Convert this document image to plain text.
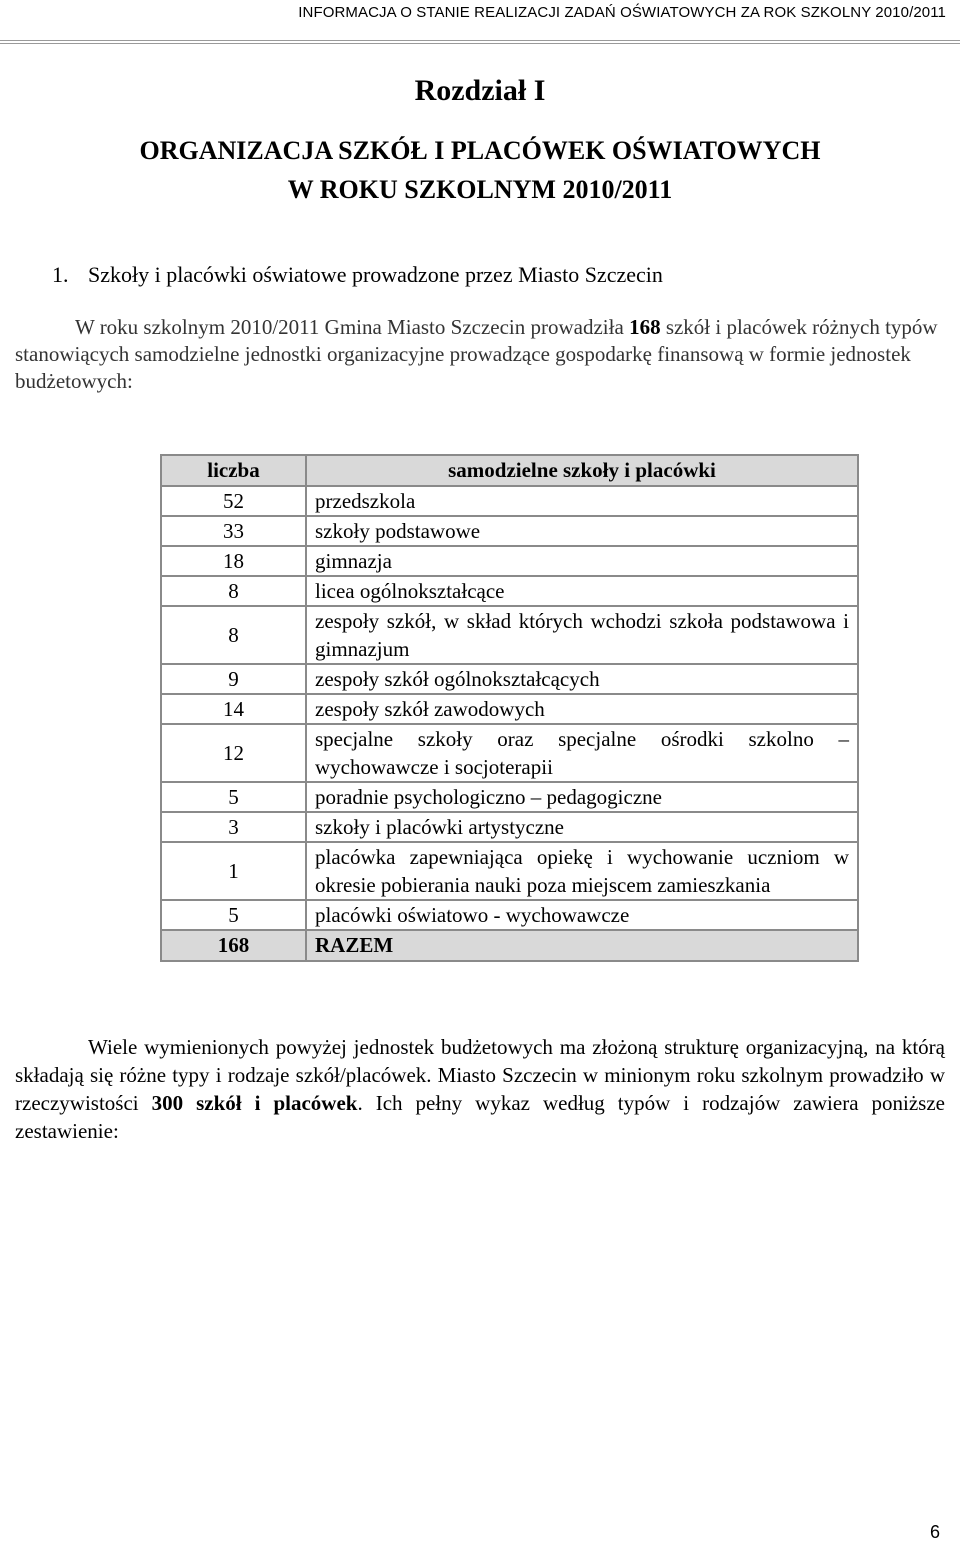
INFORMACJA O STANIE REALIZACJI ZADAŃ OŚWIATOWYCH ZA ROK SZKOLNY 2010/2011
Rozdział I
ORGANIZACJA SZKÓŁ I PLACÓWEK OŚWIATOWYCH
W ROKU SZKOLNYM 2010/2011
1. Szkoły i placówki oświatowe prowadzone przez Miasto Szczecin
W roku szkolnym 2010/2011 Gmina Miasto Szczecin prowadziła 168 szkół i placówek różnych typów stanowiących samodzielne jednostki organizacyjne prowadzące gospodarkę finansową w formie jednostek budżetowych:
liczba	samodzielne szkoły i placówki
52	przedszkola
33	szkoły podstawowe
18	gimnazja
8	licea ogólnokształcące
8	zespoły szkół, w skład których wchodzi szkoła podstawowa i gimnazjum
9	zespoły szkół ogólnokształcących
14	zespoły szkół zawodowych
12	specjalne szkoły oraz specjalne ośrodki szkolno – wychowawcze i socjoterapii
5	poradnie psychologiczno – pedagogiczne
3	szkoły i placówki artystyczne
1	placówka zapewniająca opiekę i wychowanie uczniom w okresie pobierania nauki poza miejscem zamieszkania
5	placówki oświatowo - wychowawcze
168	RAZEM
Wiele wymienionych powyżej jednostek budżetowych ma złożoną strukturę organizacyjną, na którą składają się różne typy i rodzaje szkół/placówek. Miasto Szczecin w minionym roku szkolnym prowadziło w rzeczywistości 300 szkół i placówek. Ich pełny wykaz według typów i rodzajów zawiera poniższe zestawienie:
6
